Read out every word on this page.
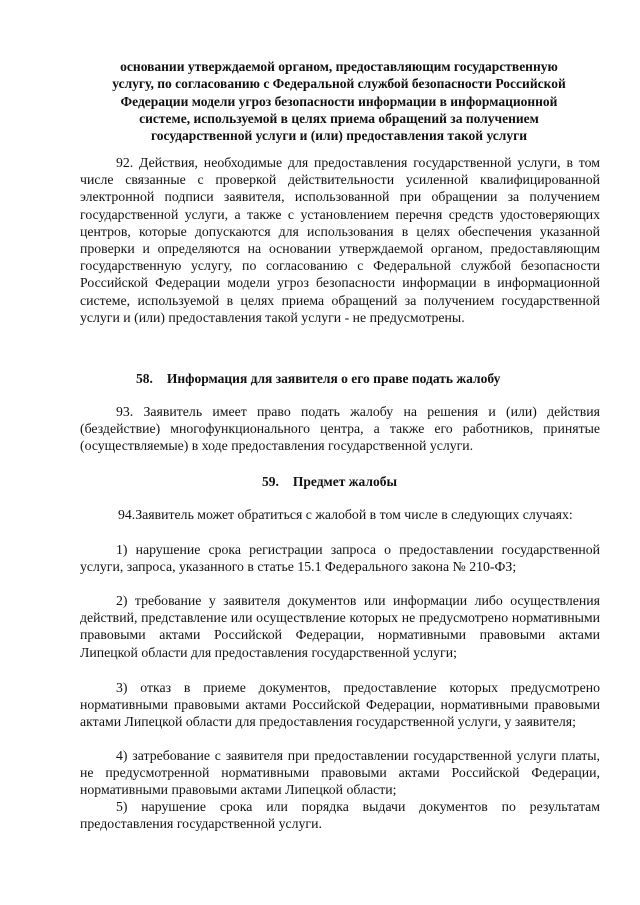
основании утверждаемой органом, предоставляющим государственную
услугу, по согласованию с Федеральной службой безопасности Российской
Федерации модели угроз безопасности информации в информационной
системе, используемой в целях приема обращений за получением
государственной услуги и (или) предоставления такой услуги

92. Действия, необходимые для предоставления государственной услуги, в том числе связанные с проверкой действительности усиленной квалифицированной электронной подписи заявителя, использованной при обращении за получением государственной услуги, а также с установлением перечня средств удостоверяющих центров, которые допускаются для использования в целях обеспечения указанной проверки и определяются на основании утверждаемой органом, предоставляющим государственную услугу, по согласованию с Федеральной службой безопасности Российской Федерации модели угроз безопасности информации в информационной системе, используемой в целях приема обращений за получением государственной услуги и (или) предоставления такой услуги - не предусмотрены.

58. Информация для заявителя о его праве подать жалобу

93. Заявитель имеет право подать жалобу на решения и (или) действия (бездействие) многофункционального центра, а также его работников, принятые (осуществляемые) в ходе предоставления государственной услуги.

59. Предмет жалобы

94.Заявитель может обратиться с жалобой в том числе в следующих случаях:

1) нарушение срока регистрации запроса о предоставлении государственной услуги, запроса, указанного в статье 15.1 Федерального закона № 210-ФЗ;

2) требование у заявителя документов или информации либо осуществления действий, представление или осуществление которых не предусмотрено нормативными правовыми актами Российской Федерации, нормативными правовыми актами Липецкой области для предоставления государственной услуги;

3) отказ в приеме документов, предоставление которых предусмотрено нормативными правовыми актами Российской Федерации, нормативными правовыми актами Липецкой области для предоставления государственной услуги, у заявителя;

4) затребование с заявителя при предоставлении государственной услуги платы, не предусмотренной нормативными правовыми актами Российской Федерации, нормативными правовыми актами Липецкой области;

5) нарушение срока или порядка выдачи документов по результатам предоставления государственной услуги.
